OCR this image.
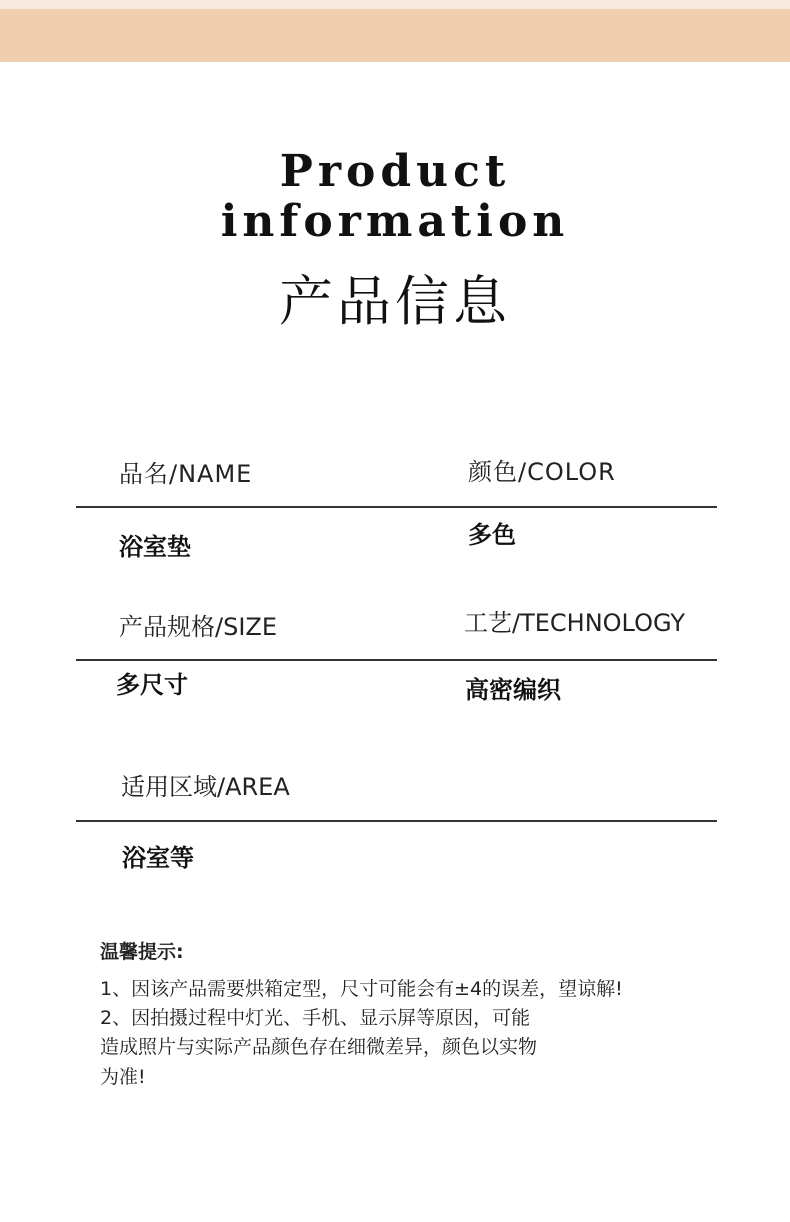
Product
information
产品信息
品名/NAME	颜色/COLOR
浴室垫	多色
产品规格/SIZE	工艺/TECHNOLOGY
多尺寸	高密编织
适用区域/AREA
浴室等
温馨提示:
1、因该产品需要烘箱定型，尺寸可能会有±4的误差，望谅解!
2、因拍摄过程中灯光、手机、显示屏等原因，可能
造成照片与实际产品颜色存在细微差异，颜色以实物
为准!
